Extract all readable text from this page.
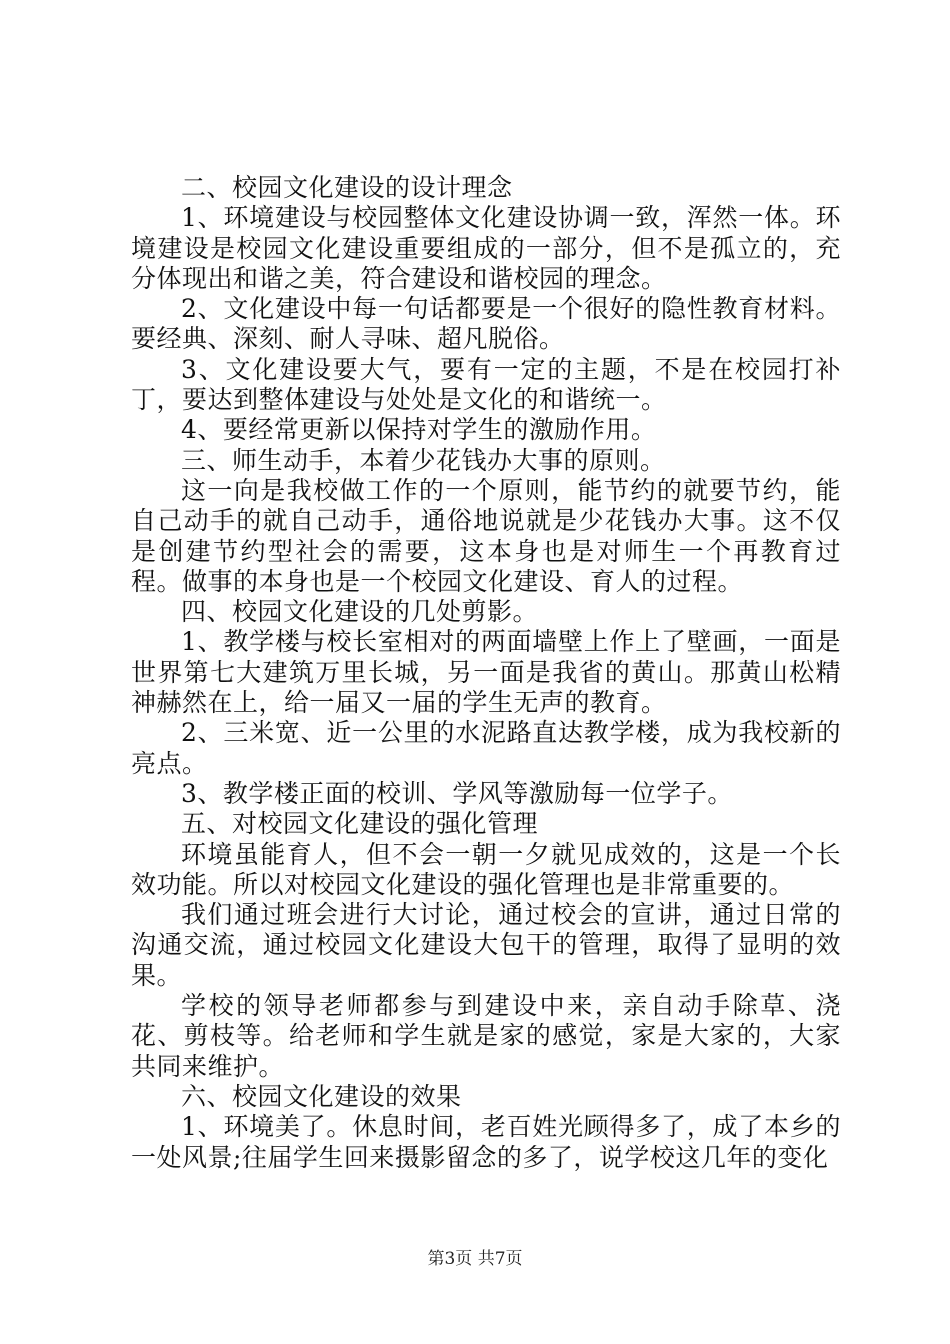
二、校园文化建设的设计理念

1、环境建设与校园整体文化建设协调一致，浑然一体。环境建设是校园文化建设重要组成的一部分，但不是孤立的，充分体现出和谐之美，符合建设和谐校园的理念。

2、文化建设中每一句话都要是一个很好的隐性教育材料。要经典、深刻、耐人寻味、超凡脱俗。

3、文化建设要大气，要有一定的主题，不是在校园打补丁，要达到整体建设与处处是文化的和谐统一。

4、要经常更新以保持对学生的激励作用。

三、师生动手，本着少花钱办大事的原则。

这一向是我校做工作的一个原则，能节约的就要节约，能自己动手的就自己动手，通俗地说就是少花钱办大事。这不仅是创建节约型社会的需要，这本身也是对师生一个再教育过程。做事的本身也是一个校园文化建设、育人的过程。

四、校园文化建设的几处剪影。

1、教学楼与校长室相对的两面墙壁上作上了壁画，一面是世界第七大建筑万里长城，另一面是我省的黄山。那黄山松精神赫然在上，给一届又一届的学生无声的教育。

2、三米宽、近一公里的水泥路直达教学楼，成为我校新的亮点。

3、教学楼正面的校训、学风等激励每一位学子。

五、对校园文化建设的强化管理

环境虽能育人，但不会一朝一夕就见成效的，这是一个长效功能。所以对校园文化建设的强化管理也是非常重要的。

我们通过班会进行大讨论，通过校会的宣讲，通过日常的沟通交流，通过校园文化建设大包干的管理，取得了显明的效果。

学校的领导老师都参与到建设中来，亲自动手除草、浇花、剪枝等。给老师和学生就是家的感觉，家是大家的，大家共同来维护。

六、校园文化建设的效果

1、环境美了。休息时间，老百姓光顾得多了，成了本乡的一处风景;往届学生回来摄影留念的多了，说学校这几年的变化

第3页 共7页
